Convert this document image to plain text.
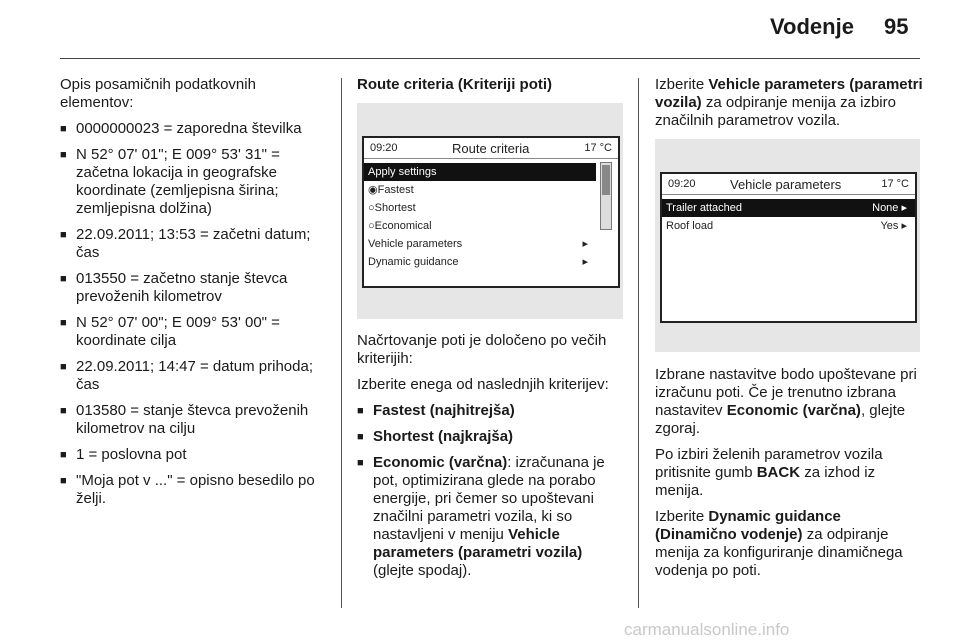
Vodenje 95

Opis posamičnih podatkovnih elementov:

■ 0000000023 = zaporedna številka
■ N 52° 07' 01"; E 009° 53' 31" = začetna lokacija in geografske koordinate (zemljepisna širina; zemljepisna dolžina)
■ 22.09.2011; 13:53 = začetni datum; čas
■ 013550 = začetno stanje števca prevoženih kilometrov
■ N 52° 07' 00"; E 009° 53' 00" = koordinate cilja
■ 22.09.2011; 14:47 = datum prihoda; čas
■ 013580 = stanje števca prevoženih kilometrov na cilju
■ 1 = poslovna pot
■ "Moja pot v ..." = opisno besedilo po želji.

Route criteria (Kriteriji poti)

09:20	Route criteria	17 °C
Apply settings
◉Fastest
○Shortest
○Economical
Vehicle parameters	▸
Dynamic guidance	▸

Načrtovanje poti je določeno po večih kriterijih:

Izberite enega od naslednjih kriterijev:

■ Fastest (najhitrejša)
■ Shortest (najkrajša)
■ Economic (varčna): izračunana je pot, optimizirana glede na porabo energije, pri čemer so upoštevani značilni parametri vozila, ki so nastavljeni v meniju Vehicle parameters (parametri vozila) (glejte spodaj).

Izberite Vehicle parameters (parametri vozila) za odpiranje menija za izbiro značilnih parametrov vozila.

09:20	Vehicle parameters	17 °C
Trailer attached	None ▸
Roof load	Yes ▸

Izbrane nastavitve bodo upoštevane pri izračunu poti. Če je trenutno izbrana nastavitev Economic (varčna), glejte zgoraj.

Po izbiri želenih parametrov vozila pritisnite gumb BACK za izhod iz menija.

Izberite Dynamic guidance (Dinamično vodenje) za odpiranje menija za konfiguriranje dinamičnega vodenja po poti.

carmanualsonline.info
